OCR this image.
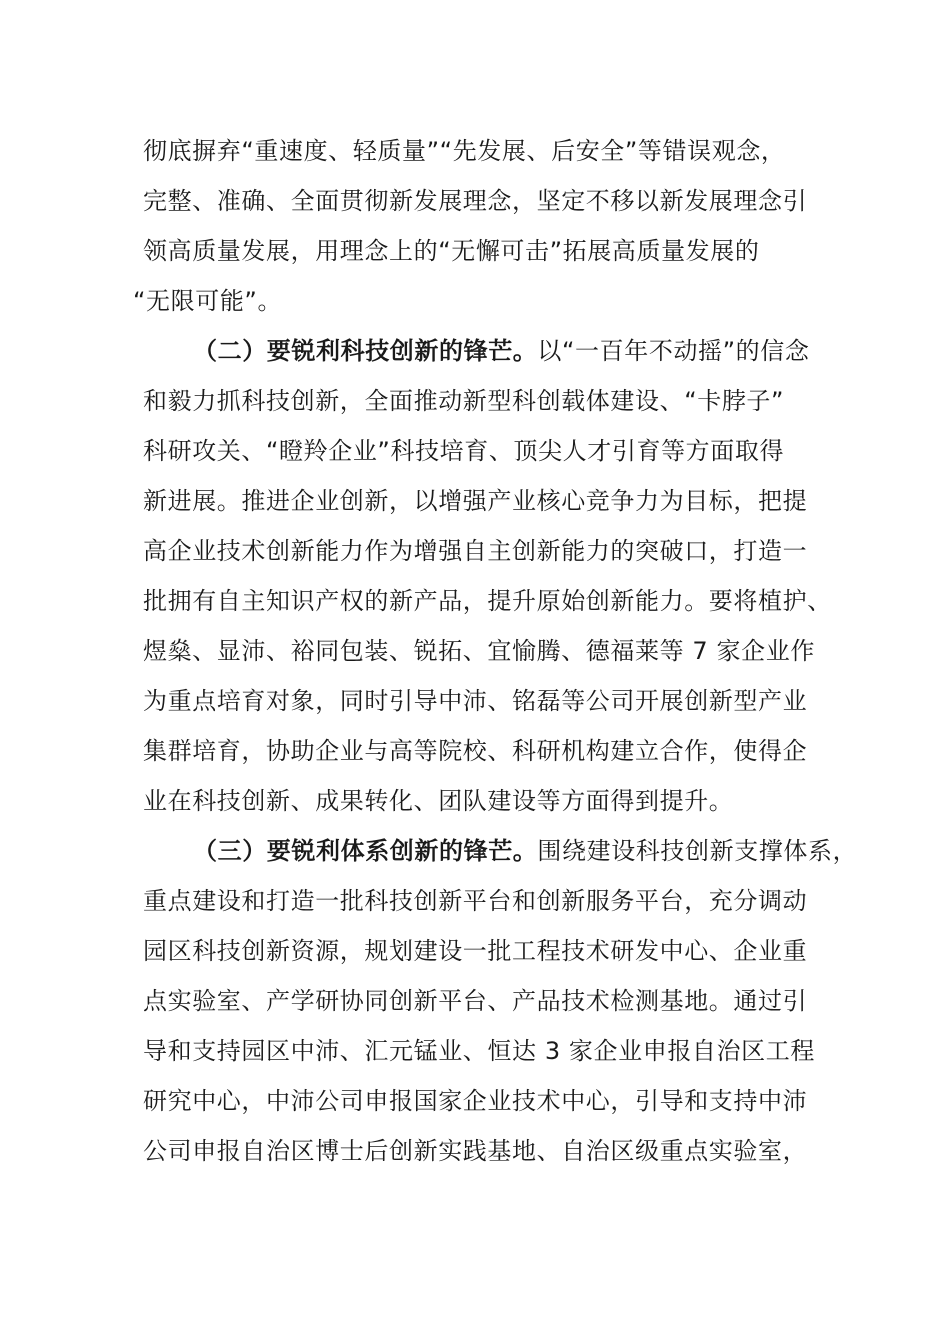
彻底摒弃“重速度、轻质量”“先发展、后安全”等错误观念，
完整、准确、全面贯彻新发展理念，坚定不移以新发展理念引
领高质量发展，用理念上的“无懈可击”拓展高质量发展的
“无限可能”。
（二）要锐利科技创新的锋芒。以“一百年不动摇”的信念
和毅力抓科技创新，全面推动新型科创载体建设、“卡脖子”
科研攻关、“瞪羚企业”科技培育、顶尖人才引育等方面取得
新进展。推进企业创新，以增强产业核心竞争力为目标，把提
高企业技术创新能力作为增强自主创新能力的突破口，打造一
批拥有自主知识产权的新产品，提升原始创新能力。要将植护、
煜燊、显沛、裕同包装、锐拓、宜愉腾、德福莱等 7 家企业作
为重点培育对象，同时引导中沛、铭磊等公司开展创新型产业
集群培育，协助企业与高等院校、科研机构建立合作，使得企
业在科技创新、成果转化、团队建设等方面得到提升。
（三）要锐利体系创新的锋芒。围绕建设科技创新支撑体系，
重点建设和打造一批科技创新平台和创新服务平台，充分调动
园区科技创新资源，规划建设一批工程技术研发中心、企业重
点实验室、产学研协同创新平台、产品技术检测基地。通过引
导和支持园区中沛、汇元锰业、恒达 3 家企业申报自治区工程
研究中心，中沛公司申报国家企业技术中心，引导和支持中沛
公司申报自治区博士后创新实践基地、自治区级重点实验室，
